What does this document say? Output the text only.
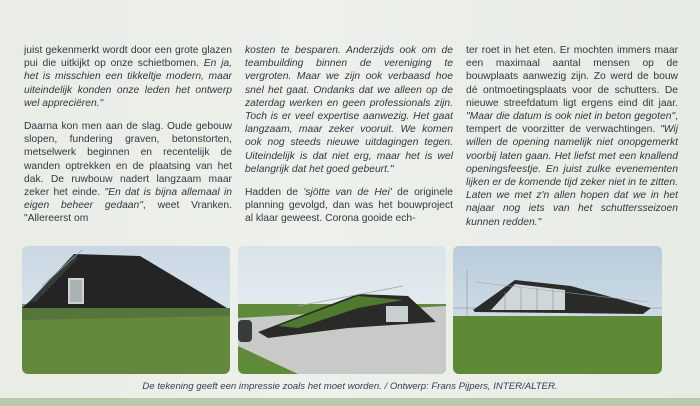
juist gekenmerkt wordt door een grote glazen pui die uitkijkt op onze schietbomen. En ja, het is misschien een tikkeltje modern, maar uiteindelijk konden onze leden het ontwerp wel appreciëren."

Daarna kon men aan de slag. Oude gebouw slopen, fundering graven, betonstorten, metselwerk beginnen en recentelijk de wanden optrekken en de plaatsing van het dak. De ruwbouw nadert langzaam maar zeker het einde. "En dat is bijna allemaal in eigen beheer gedaan", weet Vranken. "Allereerst om

kosten te besparen. Anderzijds ook om de teambuilding binnen de vereniging te vergroten. Maar we zijn ook verbaasd hoe snel het gaat. Ondanks dat we alleen op de zaterdag werken en geen professionals zijn. Toch is er veel expertise aanwezig. Het gaat langzaam, maar zeker vooruit. We komen ook nog steeds nieuwe uitdagingen tegen. Uiteindelijk is dat niet erg, maar het is wel belangrijk dat het goed gebeurt."

Hadden de 'sjötte van de Hei' de originele planning gevolgd, dan was het bouwproject al klaar geweest. Corona gooide ech-

ter roet in het eten. Er mochten immers maar een maximaal aantal mensen op de bouwplaats aanwezig zijn. Zo werd de bouw dé ontmoetingsplaats voor de schutters. De nieuwe streefdatum ligt ergens eind dit jaar. "Maar die datum is ook niet in beton gegoten", tempert de voorzitter de verwachtingen. "Wij willen de opening namelijk niet onopgemerkt voorbij laten gaan. Het liefst met een knallend openingsfeestje. En juist zulke evenementen lijken er de komende tijd zeker niet in te zitten. Laten we met z'n allen hopen dat we in het najaar nog iets van het schuttersseizoen kunnen redden."

De tekening geeft een impressie zoals het moet worden. / Ontwerp: Frans Pijpers, INTER/ALTER.
